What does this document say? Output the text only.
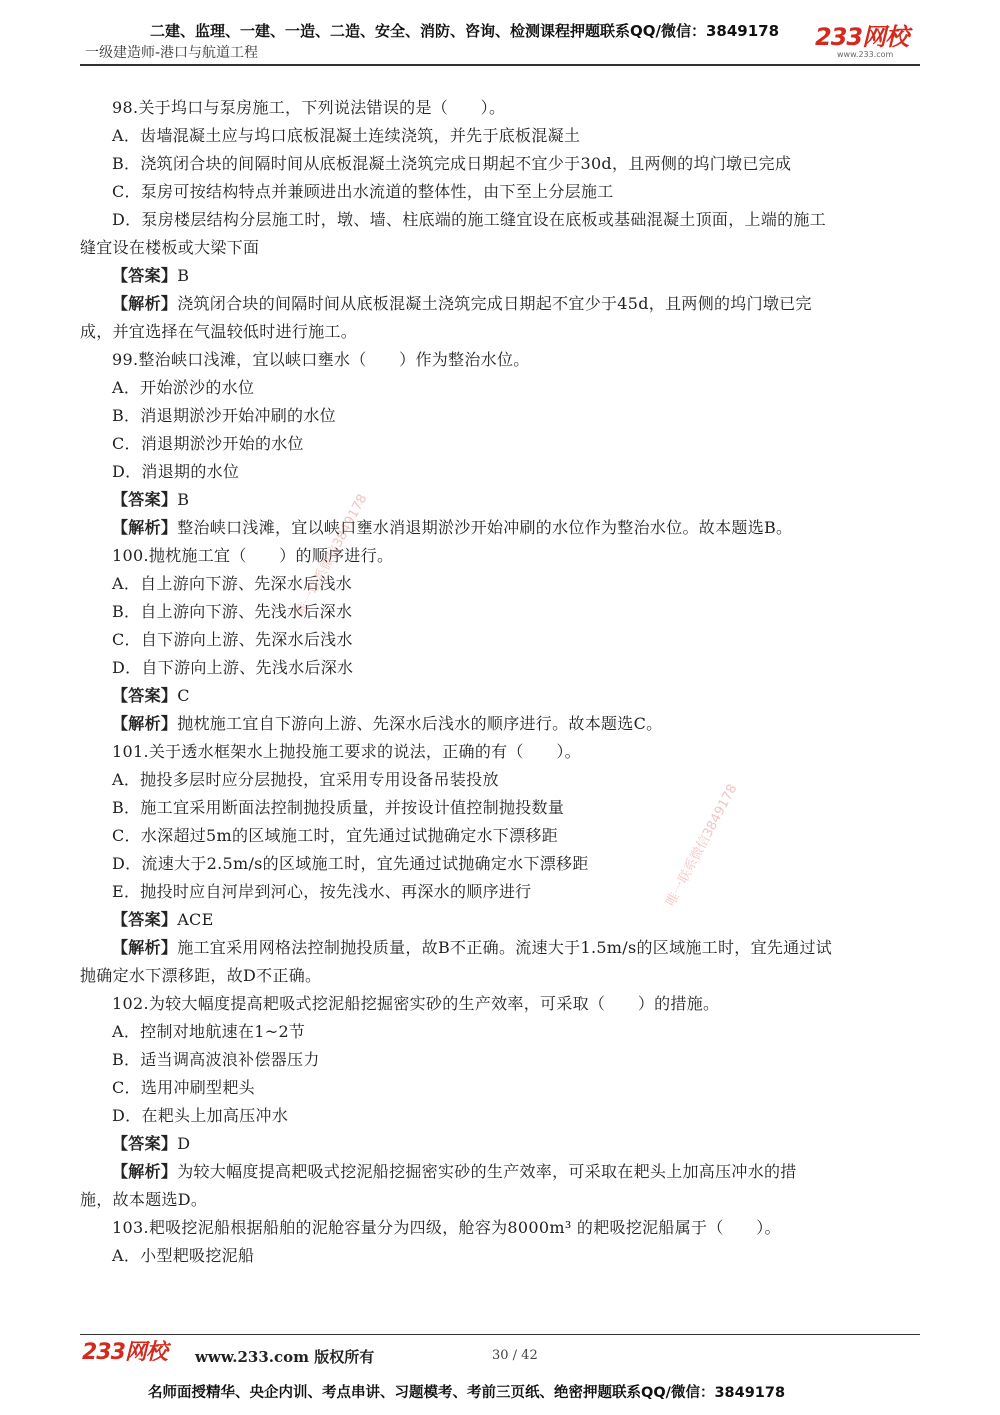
二建、监理、一建、一造、二造、安全、消防、咨询、检测课程押题联系QQ/微信：3849178
一级建造师-港口与航道工程
233网校
www.233.com
98.关于坞口与泵房施工，下列说法错误的是（　　）。
A．齿墙混凝土应与坞口底板混凝土连续浇筑，并先于底板混凝土
B．浇筑闭合块的间隔时间从底板混凝土浇筑完成日期起不宜少于30d，且两侧的坞门墩已完成
C．泵房可按结构特点并兼顾进出水流道的整体性，由下至上分层施工
D．泵房楼层结构分层施工时，墩、墙、柱底端的施工缝宜设在底板或基础混凝土顶面，上端的施工
缝宜设在楼板或大梁下面
【答案】B
【解析】浇筑闭合块的间隔时间从底板混凝土浇筑完成日期起不宜少于45d，且两侧的坞门墩已完
成，并宜选择在气温较低时进行施工。
99.整治峡口浅滩，宜以峡口壅水（　　）作为整治水位。
A．开始淤沙的水位
B．消退期淤沙开始冲刷的水位
C．消退期淤沙开始的水位
D．消退期的水位
【答案】B
【解析】整治峡口浅滩，宜以峡口壅水消退期淤沙开始冲刷的水位作为整治水位。故本题选B。
100.抛枕施工宜（　　）的顺序进行。
A．自上游向下游、先深水后浅水
B．自上游向下游、先浅水后深水
C．自下游向上游、先深水后浅水
D．自下游向上游、先浅水后深水
【答案】C
【解析】抛枕施工宜自下游向上游、先深水后浅水的顺序进行。故本题选C。
101.关于透水框架水上抛投施工要求的说法，正确的有（　　）。
A．抛投多层时应分层抛投，宜采用专用设备吊装投放
B．施工宜采用断面法控制抛投质量，并按设计值控制抛投数量
C．水深超过5m的区域施工时，宜先通过试抛确定水下漂移距
D．流速大于2.5m/s的区域施工时，宜先通过试抛确定水下漂移距
E．抛投时应自河岸到河心，按先浅水、再深水的顺序进行
【答案】ACE
【解析】施工宜采用网格法控制抛投质量，故B不正确。流速大于1.5m/s的区域施工时，宜先通过试
抛确定水下漂移距，故D不正确。
102.为较大幅度提高耙吸式挖泥船挖掘密实砂的生产效率，可采取（　　）的措施。
A．控制对地航速在1~2节
B．适当调高波浪补偿器压力
C．选用冲刷型耙头
D．在耙头上加高压冲水
【答案】D
【解析】为较大幅度提高耙吸式挖泥船挖掘密实砂的生产效率，可采取在耙头上加高压冲水的措
施，故本题选D。
103.耙吸挖泥船根据船舶的泥舱容量分为四级，舱容为8000m³ 的耙吸挖泥船属于（　　）。
A．小型耙吸挖泥船
唯一联系微信3849178
唯一联系微信3849178
233网校 www.233.com 版权所有	30 / 42
名师面授精华、央企内训、考点串讲、习题模考、考前三页纸、绝密押题联系QQ/微信：3849178
